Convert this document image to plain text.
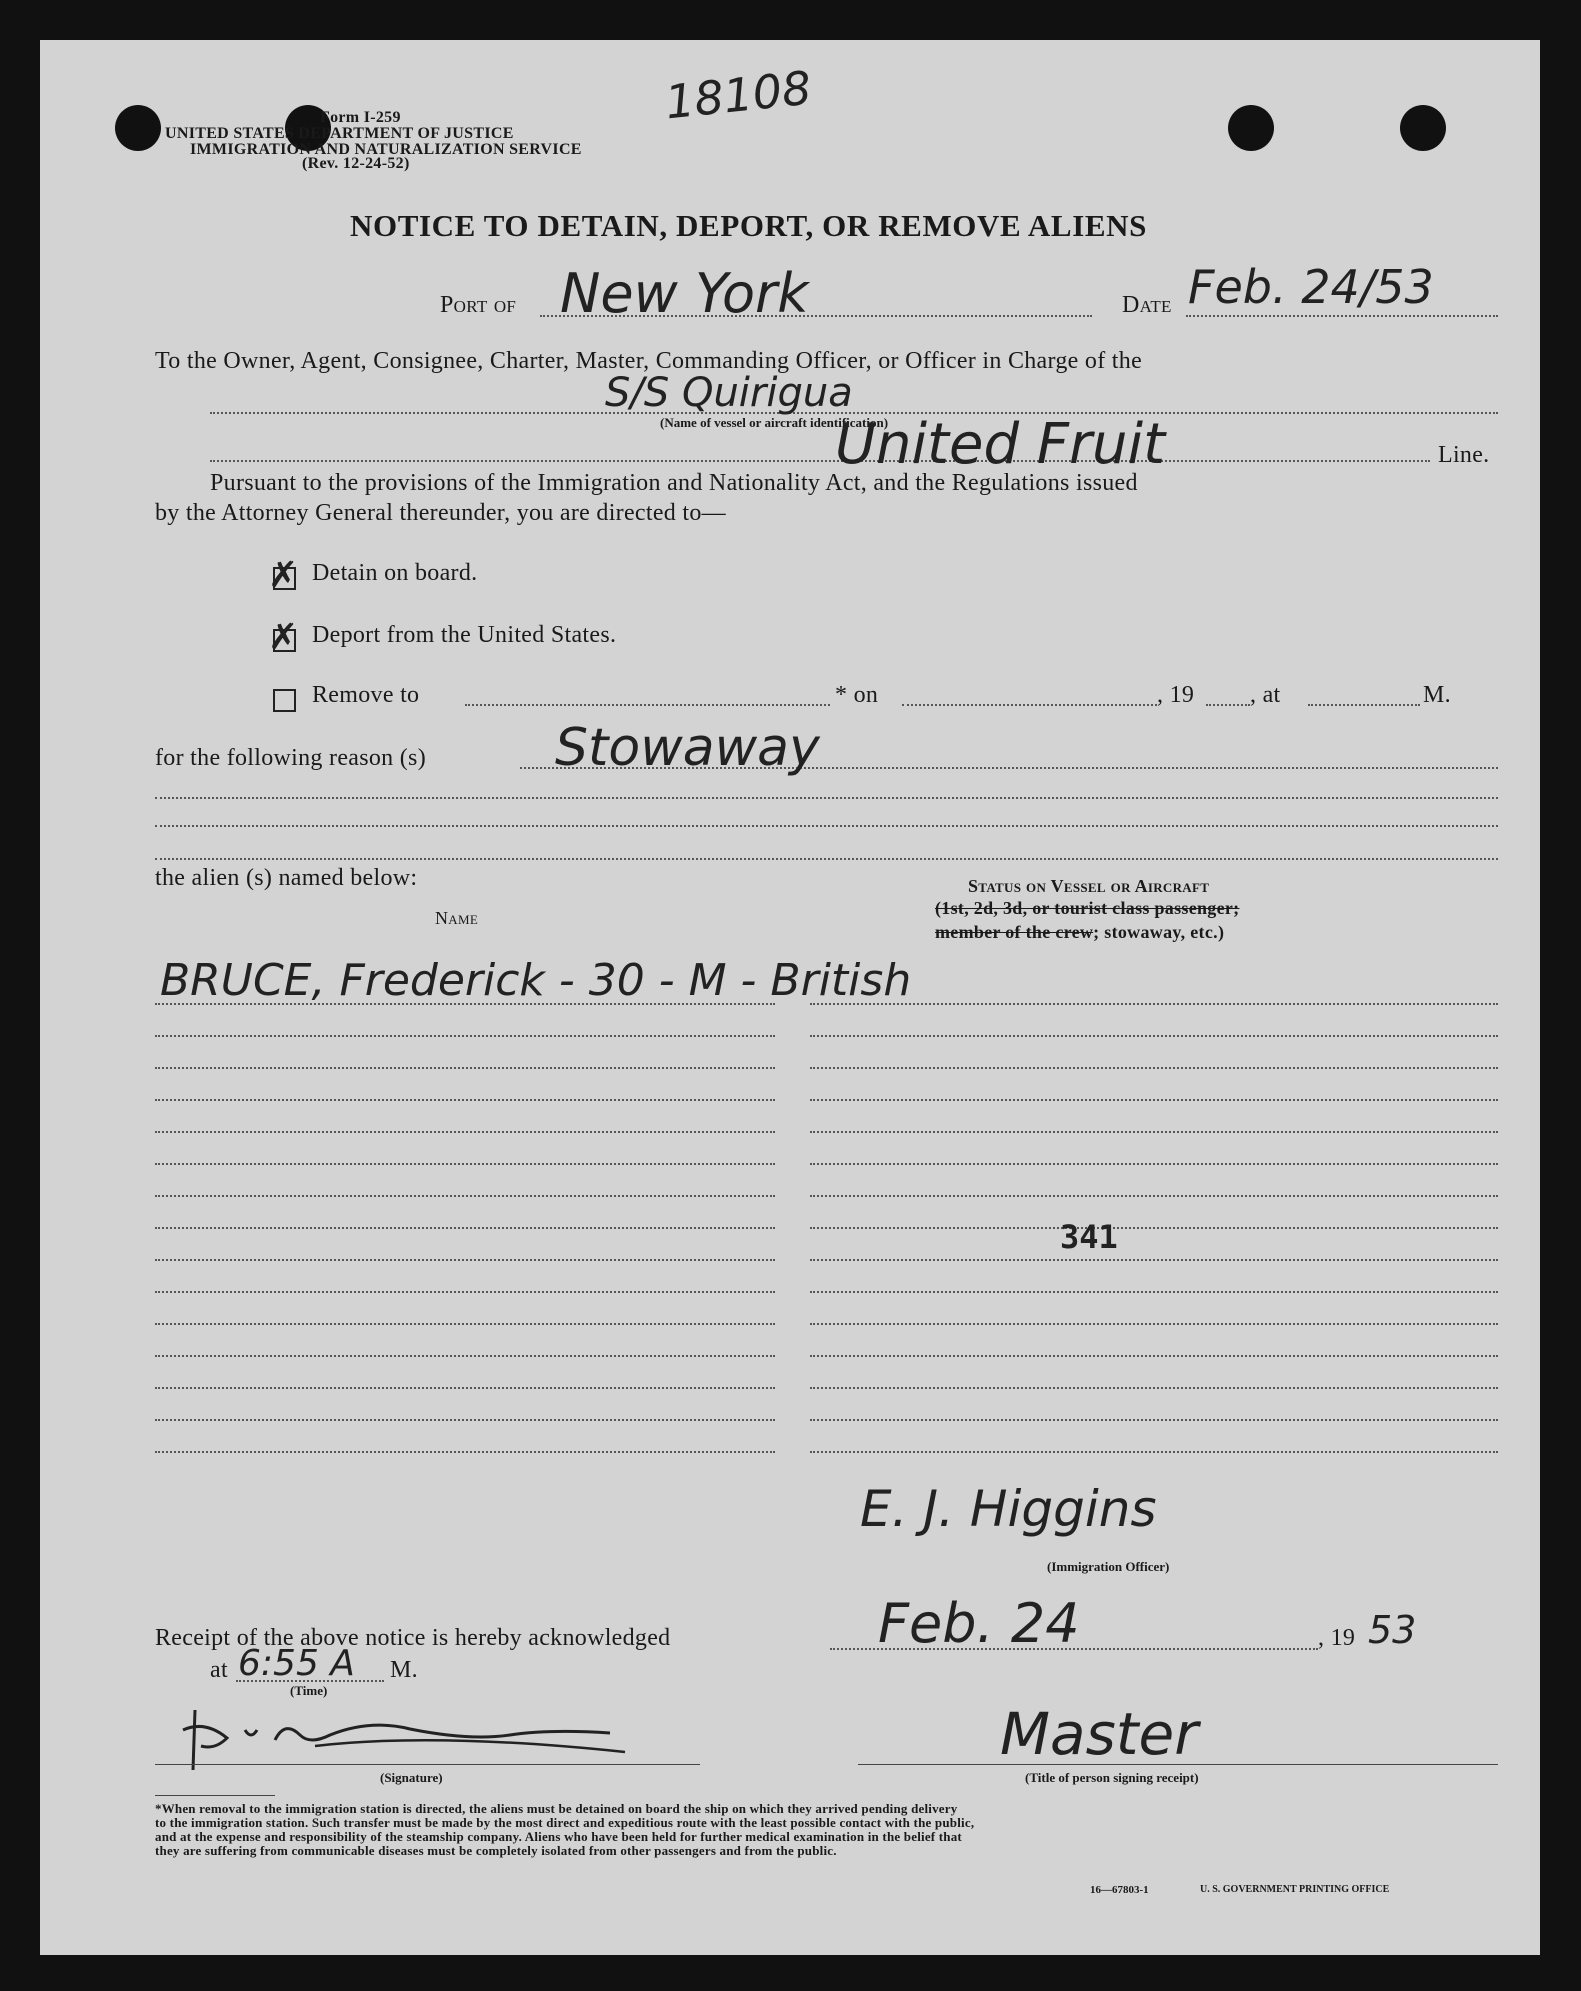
18108
Form I-259
UNITED STATES DEPARTMENT OF JUSTICE
IMMIGRATION AND NATURALIZATION SERVICE
(Rev. 12-24-52)
NOTICE TO DETAIN, DEPORT, OR REMOVE ALIENS
Port of New York	Date Feb. 24/53
To the Owner, Agent, Consignee, Charter, Master, Commanding Officer, or Officer in Charge of the
S/S Quirigua
(Name of vessel or aircraft identification)
United Fruit	Line.
Pursuant to the provisions of the Immigration and Nationality Act, and the Regulations issued
by the Attorney General thereunder, you are directed to—
✗ Detain on board.
✗ Deport from the United States.
Remove to	* on	, 19 , at	M.
for the following reason (s) Stowaway
the alien (s) named below:
Name
Status on Vessel or Aircraft
(1st, 2d, 3d, or tourist class passenger;
member of the crew; stowaway, etc.)
BRUCE, Frederick - 30 - M - British
341
E. J. Higgins
(Immigration Officer)
Receipt of the above notice is hereby acknowledged	Feb. 24	, 19 53
at 6:55 A M.
(Time)
(Signature)
Master
(Title of person signing receipt)
*When removal to the immigration station is directed, the aliens must be detained on board the ship on which they arrived pending delivery
to the immigration station. Such transfer must be made by the most direct and expeditious route with the least possible contact with the public,
and at the expense and responsibility of the steamship company. Aliens who have been held for further medical examination in the belief that
they are suffering from communicable diseases must be completely isolated from other passengers and from the public.
16—67803-1	U. S. GOVERNMENT PRINTING OFFICE
